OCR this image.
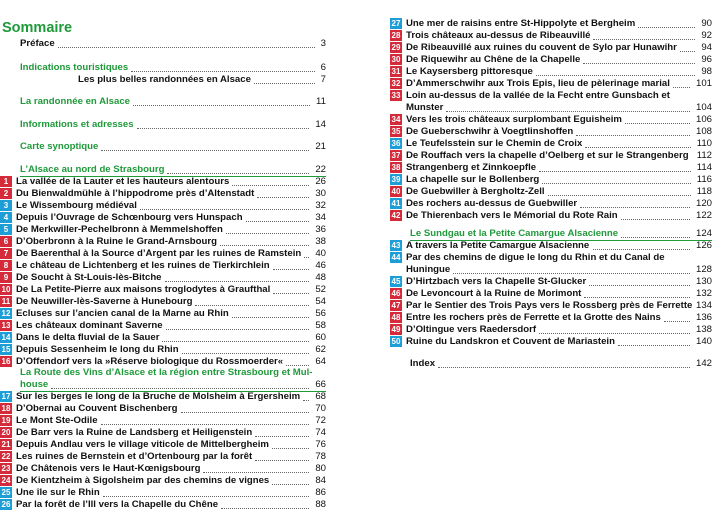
Sommaire
Préface	3
Indications touristiques	6
Les plus belles randonnées en Alsace	7
La randonnée en Alsace	11
Informations et adresses	14
Carte synoptique	21
L’Alsace au nord de Strasbourg	22
1 La vallée de la Lauter et les hauteurs alentours	26
2 Du Bienwaldmühle à l’hippodrome près d’Altenstadt	30
3 Le Wissembourg médiéval	32
4 Depuis l’Ouvrage de Schœnbourg vers Hunspach	34
5 De Merkwiller-Pechelbronn à Memmelshoffen	36
6 D’Oberbronn à la Ruine le Grand-Arnsbourg	38
7 De Baerenthal à la Source d’Argent par les ruines de Ramstein 40
8 Le château de Lichtenberg et les ruines de Tierkirchlein	46
9 De Soucht à St-Louis-lès-Bitche	48
10 De La Petite-Pierre aux maisons troglodytes à Graufthal	52
11 De Neuwiller-lès-Saverne à Hunebourg	54
12 Ecluses sur l’ancien canal de la Marne au Rhin	56
13 Les châteaux dominant Saverne	58
14 Dans le delta fluvial de la Sauer	60
15 Depuis Sessenheim le long du Rhin	62
16 D’Offendorf vers la »Réserve biologique du Rossmoerder«	64
La Route des Vins d’Alsace et la région entre Strasbourg et Mul-
house	66
17 Sur les berges le long de la Bruche de Molsheim à Ergersheim 68
18 D’Obernai au Couvent Bischenberg	70
19 Le Mont Ste-Odile	72
20 De Barr vers la Ruine de Landsberg et Heiligenstein	74
21 Depuis Andlau vers le village viticole de Mittelbergheim	76
22 Les ruines de Bernstein et d’Ortenbourg par la forêt	78
23 De Châtenois vers le Haut-Kœnigsbourg	80
24 De Kientzheim à Sigolsheim par des chemins de vignes	84
25 Une île sur le Rhin	86
26 Par la forêt de l’Ill vers la Chapelle du Chêne	88
27 Une mer de raisins entre St-Hippolyte et Bergheim	90
28 Trois châteaux au-dessus de Ribeauvillé	92
29 De Ribeauvillé aux ruines du couvent de Sylo par Hunawihr	94
30 De Riquewihr au Chêne de la Chapelle	96
31 Le Kaysersberg pittoresque	98
32 D’Ammerschwihr aux Trois Epis, lieu de pèlerinage marial	101
33 Loin au-dessus de la vallée de la Fecht entre Gunsbach et
Munster	104
34 Vers les trois châteaux surplombant Eguisheim	106
35 De Gueberschwihr à Voegtlinshoffen	108
36 Le Teufelsstein sur le Chemin de Croix	110
37 De Rouffach vers la chapelle d’Oelberg et sur le Strangenberg 112
38 Strangenberg et Zinnkoepfle	114
39 La chapelle sur le Bollenberg	116
40 De Guebwiller à Bergholtz-Zell	118
41 Des rochers au-dessus de Guebwiller	120
42 De Thierenbach vers le Mémorial du Rote Rain	122
Le Sundgau et la Petite Camargue Alsacienne	124
43 A travers la Petite Camargue Alsacienne	126
44 Par des chemins de digue le long du Rhin et du Canal de
Huningue	128
45 D’Hirtzbach vers la Chapelle St-Glucker	130
46 De Levoncourt à la Ruine de Morimont	132
47 Par le Sentier des Trois Pays vers le Rossberg près de Ferrette 134
48 Entre les rochers près de Ferrette et la Grotte des Nains	136
49 D’Oltingue vers Raedersdorf	138
50 Ruine du Landskron et Couvent de Mariastein	140
Index	142
